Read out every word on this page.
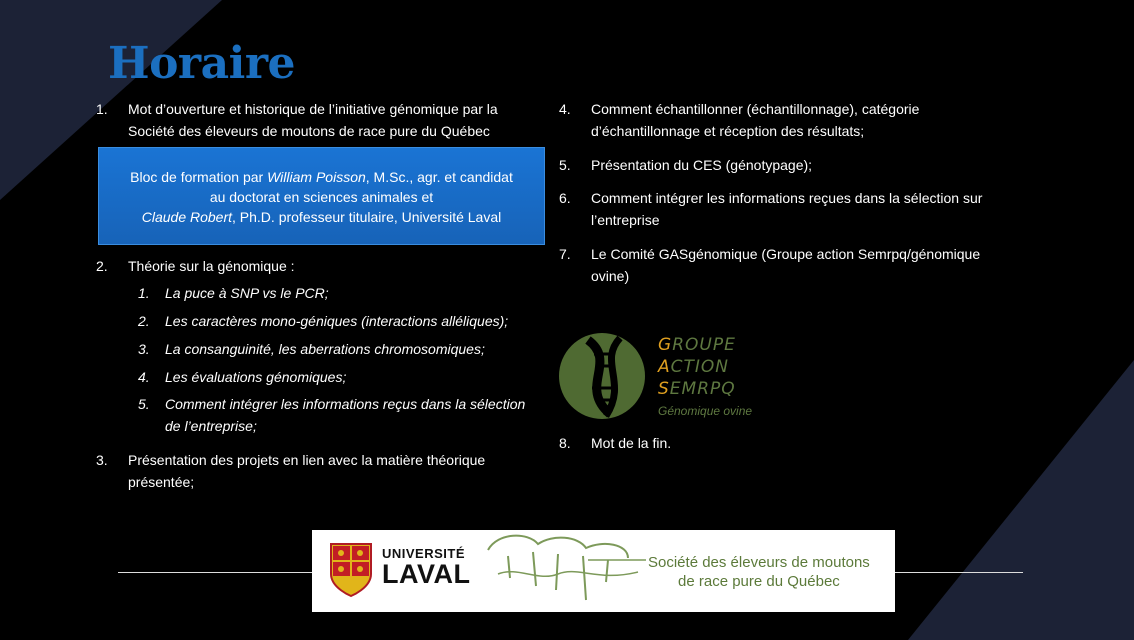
Horaire
1. Mot d’ouverture et historique de l’initiative génomique par la
Société des éleveurs de moutons de race pure du Québec
Bloc de formation par William Poisson, M.Sc., agr. et candidat
au doctorat en sciences animales et
Claude Robert, Ph.D. professeur titulaire, Université Laval
2. Théorie sur la génomique :
1. La puce à SNP vs le PCR;
2. Les caractères mono-géniques (interactions alléliques);
3. La consanguinité, les aberrations chromosomiques;
4. Les évaluations génomiques;
5. Comment intégrer les informations reçus dans la sélection
de l’entreprise;
3. Présentation des projets en lien avec la matière théorique
présentée;
4. Comment échantillonner (échantillonnage), catégorie
d’échantillonnage et réception des résultats;
5. Présentation du CES (génotypage);
6. Comment intégrer les informations reçues dans la sélection sur
l’entreprise
7. Le Comité GASgénomique (Groupe action Semrpq/génomique
ovine)
GROUPE
ACTION
SEMRPQ
Génomique ovine
8. Mot de la fin.
UNIVERSITÉ
LAVAL	Société des éleveurs de moutons
de race pure du Québec
